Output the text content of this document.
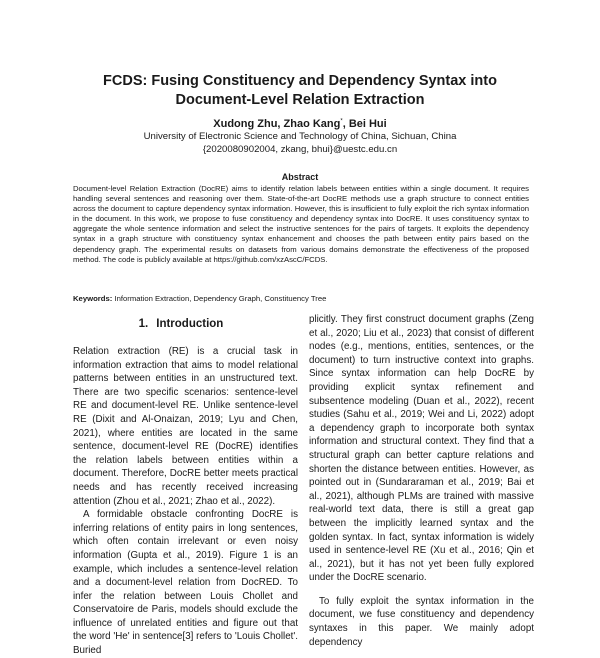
FCDS: Fusing Constituency and Dependency Syntax into
Document-Level Relation Extraction
Xudong Zhu, Zhao Kang*, Bei Hui
University of Electronic Science and Technology of China, Sichuan, China
{2020080902004, zkang, bhui}@uestc.edu.cn
Abstract
Document-level Relation Extraction (DocRE) aims to identify relation labels between entities within a single document. It requires handling several sentences and reasoning over them. State-of-the-art DocRE methods use a graph structure to connect entities across the document to capture dependency syntax information. However, this is insufficient to fully exploit the rich syntax information in the document. In this work, we propose to fuse constituency and dependency syntax into DocRE. It uses constituency syntax to aggregate the whole sentence information and select the instructive sentences for the pairs of targets. It exploits the dependency syntax in a graph structure with constituency syntax enhancement and chooses the path between entity pairs based on the dependency graph. The experimental results on datasets from various domains demonstrate the effectiveness of the proposed method. The code is publicly available at https://github.com/xzAscC/FCDS.
Keywords: Information Extraction, Dependency Graph, Constituency Tree
1. Introduction

Relation extraction (RE) is a crucial task in information extraction that aims to model relational patterns between entities in an unstructured text. There are two specific scenarios: sentence-level RE and document-level RE. Unlike sentence-level RE (Dixit and Al-Onaizan, 2019; Lyu and Chen, 2021), where entities are located in the same sentence, document-level RE (DocRE) identifies the relation labels between entities within a document. Therefore, DocRE better meets practical needs and has recently received increasing attention (Zhou et al., 2021; Zhao et al., 2022).

A formidable obstacle confronting DocRE is inferring relations of entity pairs in long sentences, which often contain irrelevant or even noisy information (Gupta et al., 2019). Figure 1 is an example, which includes a sentence-level relation and a document-level relation from DocRED. To infer the relation between Louis Chollet and Conservatoire de Paris, models should exclude the influence of unrelated entities and figure out that the word 'He' in sentence[3] refers to 'Louis Chollet'. Buried

plicitly. They first construct document graphs (Zeng et al., 2020; Liu et al., 2023) that consist of different nodes (e.g., mentions, entities, sentences, or the document) to turn instructive context into graphs. Since syntax information can help DocRE by providing explicit syntax refinement and subsentence modeling (Duan et al., 2022), recent studies (Sahu et al., 2019; Wei and Li, 2022) adopt a dependency graph to incorporate both syntax information and structural context. They find that a structural graph can better capture relations and shorten the distance between entities. However, as pointed out in (Sundararaman et al., 2019; Bai et al., 2021), although PLMs are trained with massive real-world text data, there is still a great gap between the implicitly learned syntax and the golden syntax. In fact, syntax information is widely used in sentence-level RE (Xu et al., 2016; Qin et al., 2021), but it has not yet been fully explored under the DocRE scenario.

To fully exploit the syntax information in the document, we fuse constituency and dependency syntaxes in this paper. We mainly adopt dependency
